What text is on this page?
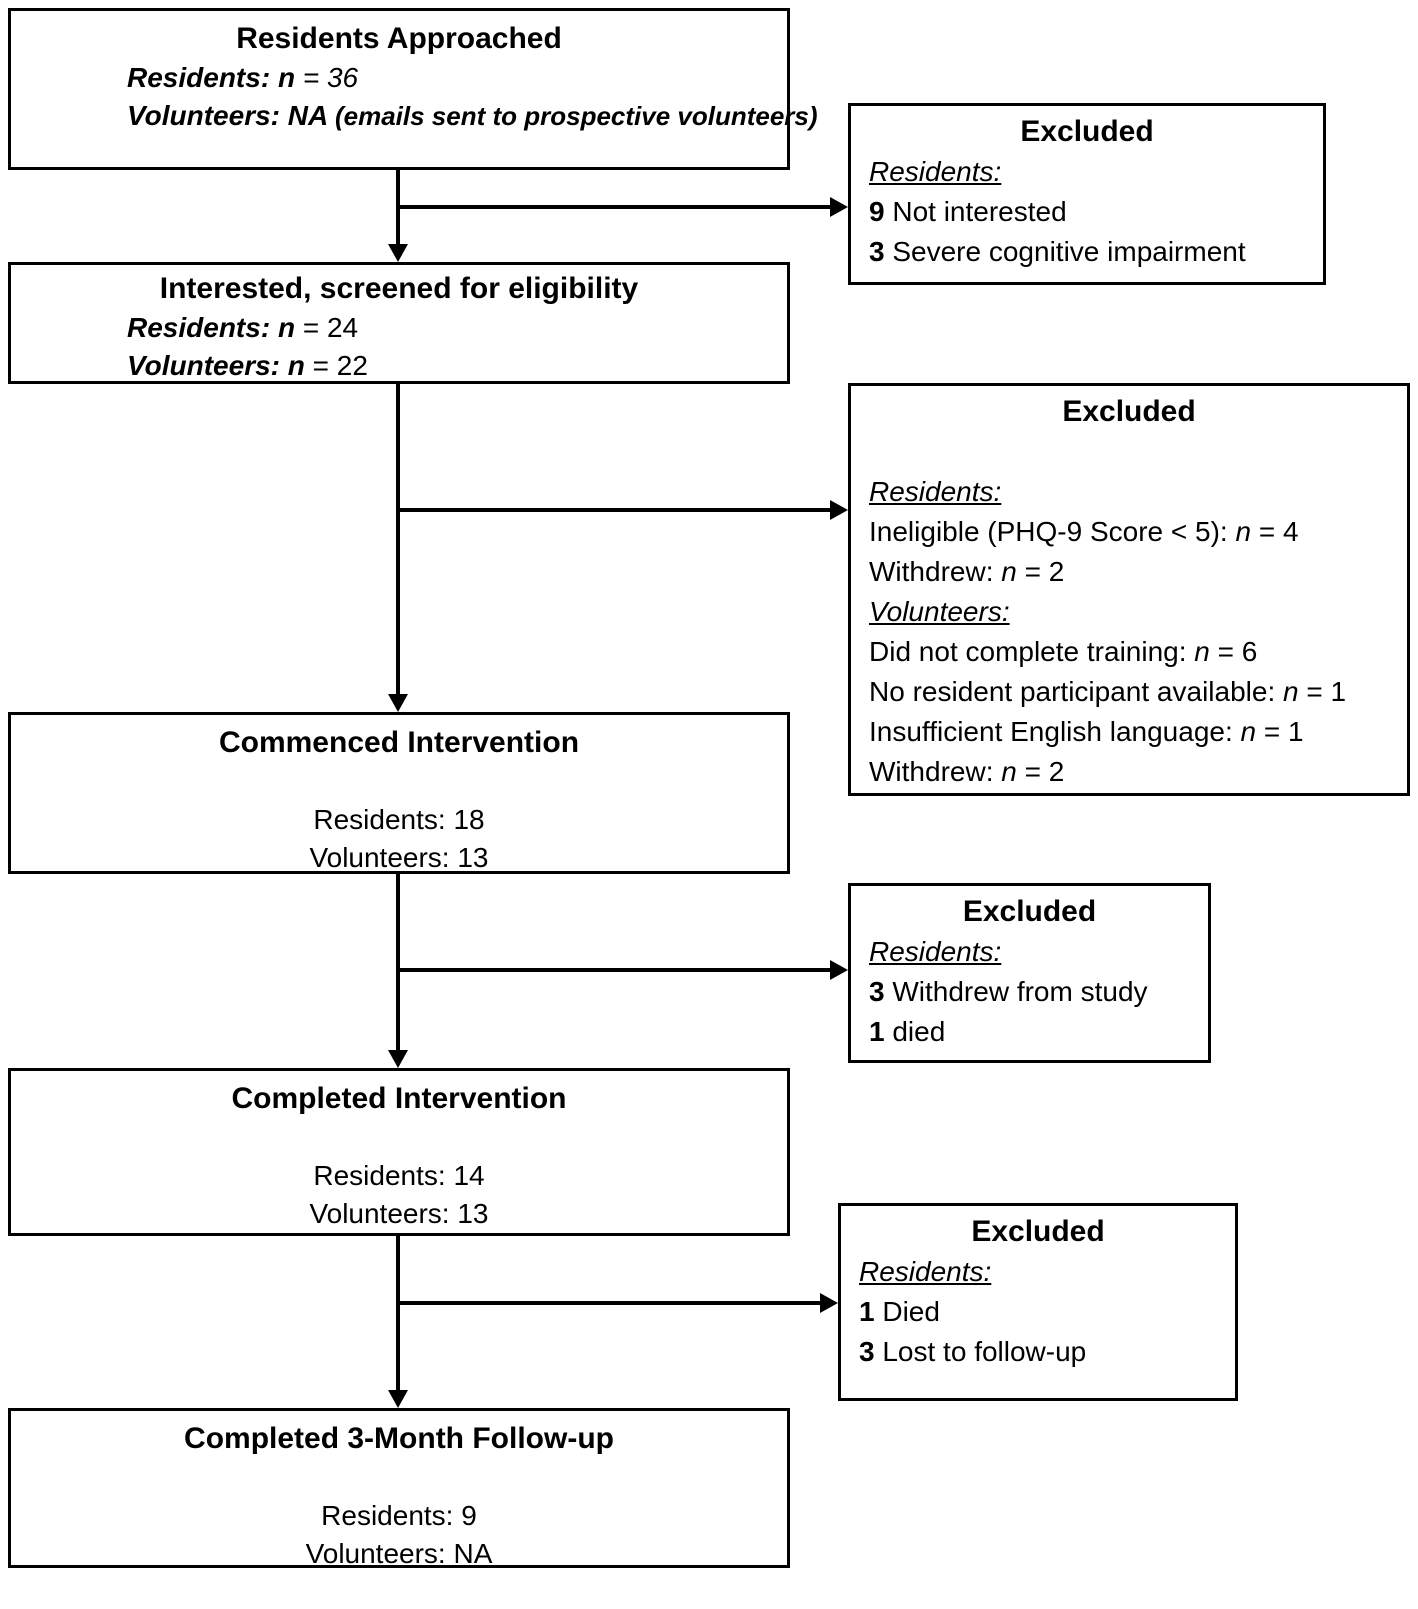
Residents Approached
Residents: n = 36
Volunteers: NA (emails sent to prospective volunteers)
Interested, screened for eligibility
Residents: n = 24
Volunteers: n = 22
Commenced Intervention

Residents: 18
Volunteers: 13
Completed Intervention

Residents: 14
Volunteers: 13
Completed 3-Month Follow-up

Residents: 9
Volunteers: NA
Excluded
Residents:
9 Not interested
3 Severe cognitive impairment
Excluded

Residents:
Ineligible (PHQ-9 Score < 5): n = 4
Withdrew: n = 2
Volunteers:
Did not complete training: n = 6
No resident participant available: n = 1
Insufficient English language: n = 1
Withdrew: n = 2
Excluded
Residents:
3 Withdrew from study
1 died
Excluded
Residents:
1 Died
3 Lost to follow-up
